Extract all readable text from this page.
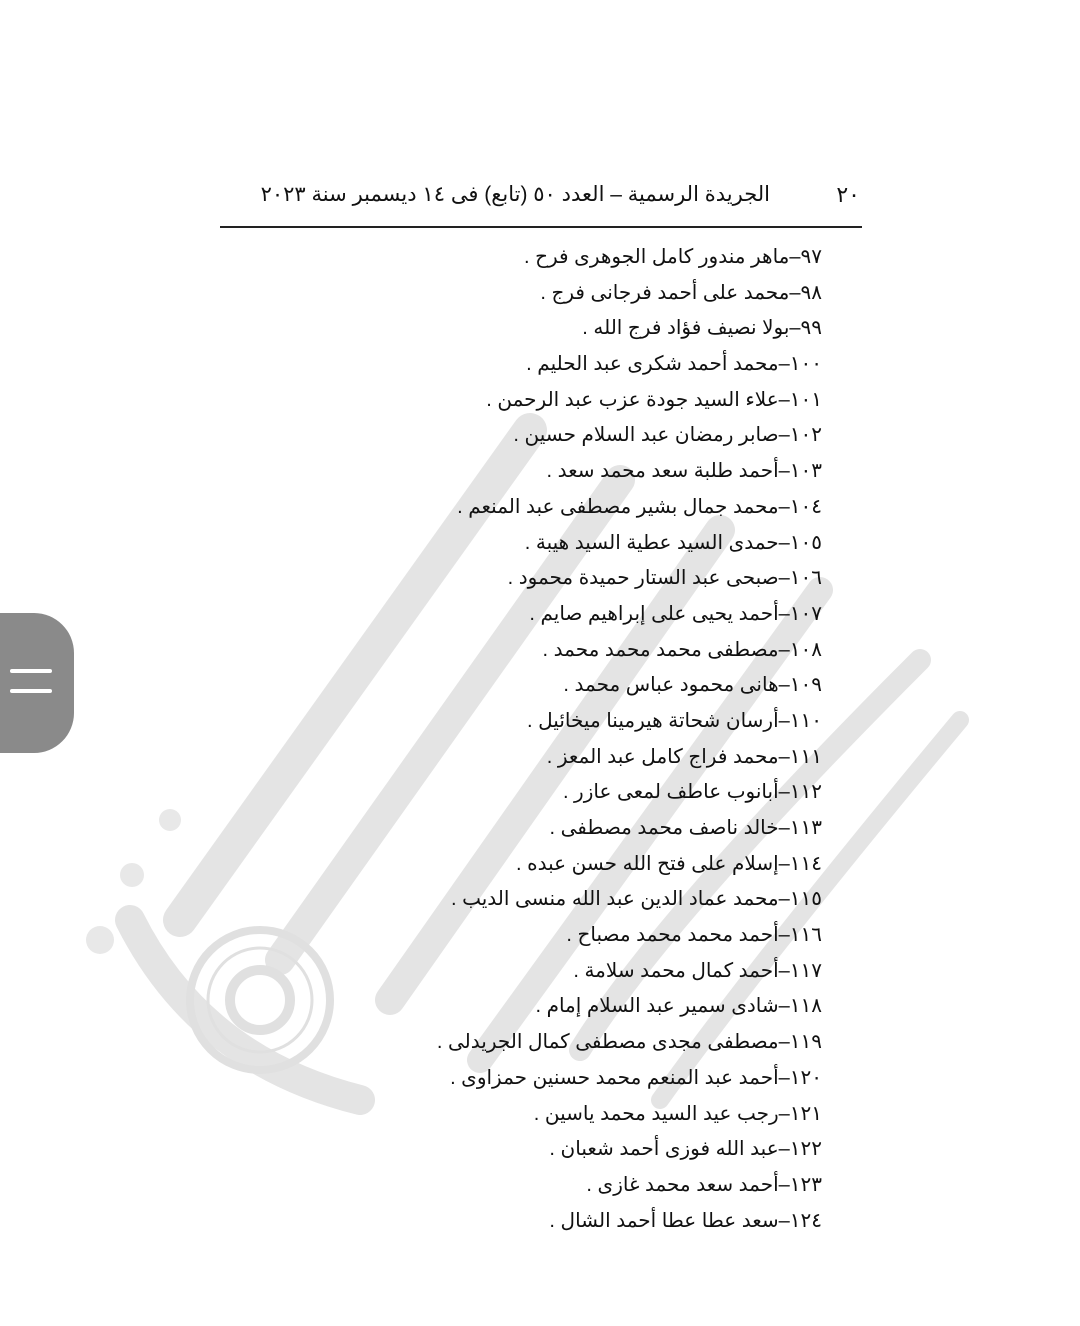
٢٠
الجريدة الرسمية – العدد ٥٠ (تابع) فى ١٤ ديسمبر سنة ٢٠٢٣
٩٧–ماهر مندور كامل الجوهرى فرح .
٩٨–محمد على أحمد فرجانى فرج .
٩٩–بولا نصيف فؤاد فرج الله .
١٠٠–محمد أحمد شكرى عبد الحليم .
١٠١–علاء السيد جودة عزب عبد الرحمن .
١٠٢–صابر رمضان عبد السلام حسين .
١٠٣–أحمد طلبة سعد محمد سعد .
١٠٤–محمد جمال بشير مصطفى عبد المنعم .
١٠٥–حمدى السيد عطية السيد هيبة .
١٠٦–صبحى عبد الستار حميدة محمود .
١٠٧–أحمد يحيى على إبراهيم صايم .
١٠٨–مصطفى محمد محمد محمد .
١٠٩–هانى محمود عباس محمد .
١١٠–أرسان شحاتة هيرمينا ميخائيل .
١١١–محمد فراج كامل عبد المعز .
١١٢–أبانوب عاطف لمعى عازر .
١١٣–خالد ناصف محمد مصطفى .
١١٤–إسلام على فتح الله حسن عبده .
١١٥–محمد عماد الدين عبد الله منسى الديب .
١١٦–أحمد محمد محمد مصباح .
١١٧–أحمد كمال محمد سلامة .
١١٨–شادى سمير عبد السلام إمام .
١١٩–مصطفى مجدى مصطفى كمال الجريدلى .
١٢٠–أحمد عبد المنعم محمد حسنين حمزاوى .
١٢١–رجب عيد السيد محمد ياسين .
١٢٢–عبد الله فوزى أحمد شعبان .
١٢٣–أحمد سعد محمد غازى .
١٢٤–سعد عطا عطا أحمد الشال .
